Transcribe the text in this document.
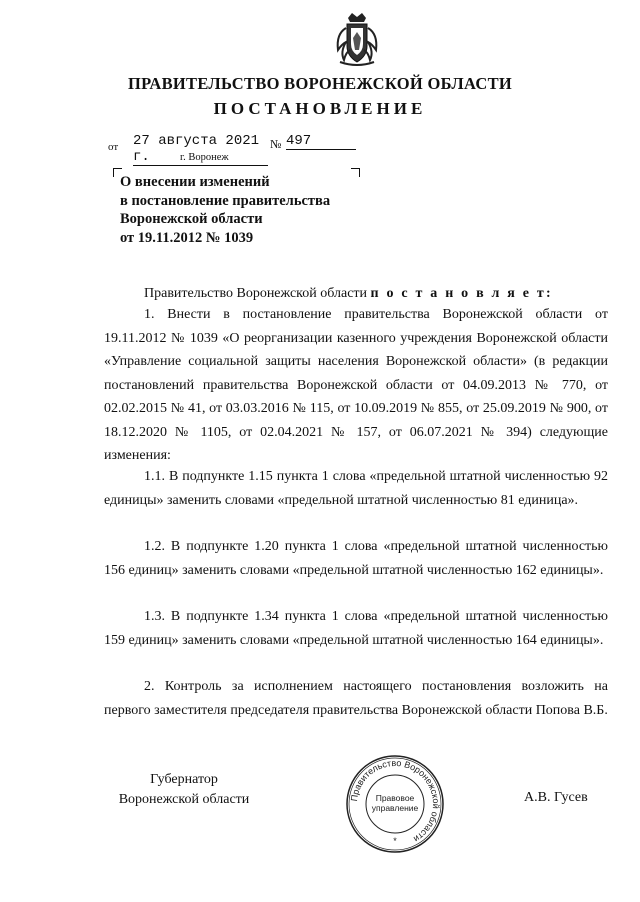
ПРАВИТЕЛЬСТВО ВОРОНЕЖСКОЙ ОБЛАСТИ
ПОСТАНОВЛЕНИЕ
от 27 августа 2021 г.
№ 497
г. Воронеж
О внесении изменений
в постановление правительства
Воронежской области
от 19.11.2012 № 1039
Правительство Воронежской области п о с т а н о в л я е т:
1. Внести в постановление правительства Воронежской области от 19.11.2012 № 1039 «О реорганизации казенного учреждения Воронежской области «Управление социальной защиты населения Воронежской области» (в редакции постановлений правительства Воронежской области от 04.09.2013 № 770, от 02.02.2015 № 41, от 03.03.2016 № 115, от 10.09.2019 № 855, от 25.09.2019 № 900, от 18.12.2020 № 1105, от 02.04.2021 № 157, от 06.07.2021 № 394) следующие изменения:
1.1. В подпункте 1.15 пункта 1 слова «предельной штатной численностью 92 единицы» заменить словами «предельной штатной численностью 81 единица».
1.2. В подпункте 1.20 пункта 1 слова «предельной штатной численностью 156 единиц» заменить словами «предельной штатной численностью 162 единицы».
1.3. В подпункте 1.34 пункта 1 слова «предельной штатной численностью 159 единиц» заменить словами «предельной штатной численностью 164 единицы».
2. Контроль за исполнением настоящего постановления возложить на первого заместителя председателя правительства Воронежской области Попова В.Б.
Губернатор
Воронежской области	Правительство Воронежской области
Правовое
управление
*
А.В. Гусев
